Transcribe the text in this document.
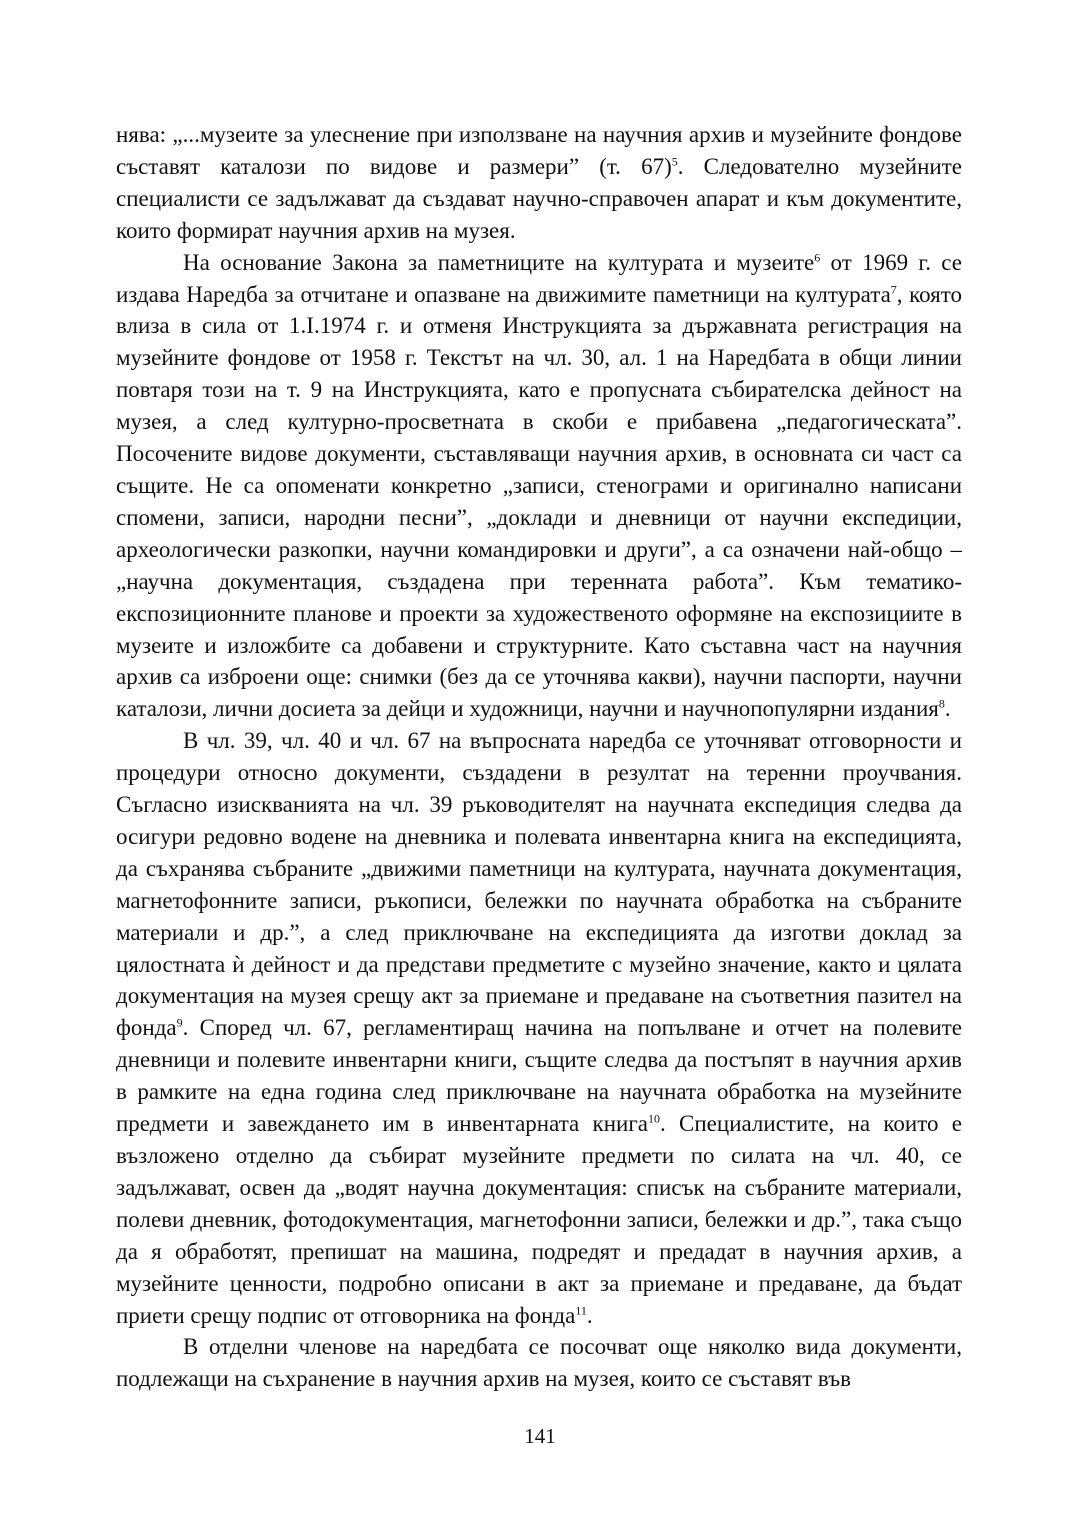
нява: „...музеите за улеснение при използване на научния архив и музейните фондове съставят каталози по видове и размери” (т. 67)$^5$. Следователно музейните специалисти се задължават да създават научно-справочен апарат и към документите, които формират научния архив на музея.

На основание Закона за паметниците на културата и музеите$^6$ от 1969 г. се издава Наредба за отчитане и опазване на движимите паметници на културата$^7$, която влиза в сила от 1.I.1974 г. и отменя Инструкцията за държавната регистрация на музейните фондове от 1958 г. Текстът на чл. 30, ал. 1 на Наредбата в общи линии повтаря този на т. 9 на Инструкцията, като е пропусната събирателска дейност на музея, а след културно-просветната в скоби е прибавена „педагогическата”. Посочените видове документи, съставляващи научния архив, в основната си част са същите. Не са опоменати конкретно „записи, стенограми и оригинално написани спомени, записи, народни песни”, „доклади и дневници от научни експедиции, археологически разкопки, научни командировки и други”, а са означени най-общо – „научна документация, създадена при теренната работа”. Към тематико-експозиционните планове и проекти за художественото оформяне на експозициите в музеите и изложбите са добавени и структурните. Като съставна част на научния архив са изброени още: снимки (без да се уточнява какви), научни паспорти, научни каталози, лични досиета за дейци и художници, научни и научнопопулярни издания$^8$.

В чл. 39, чл. 40 и чл. 67 на въпросната наредба се уточняват отговорности и процедури относно документи, създадени в резултат на теренни проучвания. Съгласно изискванията на чл. 39 ръководителят на научната експедиция следва да осигури редовно водене на дневника и полевата инвентарна книга на експедицията, да съхранява събраните „движими паметници на културата, научната документация, магнетофонните записи, ръкописи, бележки по научната обработка на събраните материали и др.”, а след приключване на експедицията да изготви доклад за цялостната ѝ дейност и да представи предметите с музейно значение, както и цялата документация на музея срещу акт за приемане и предаване на съответния пазител на фонда$^9$. Според чл. 67, регламентиращ начина на попълване и отчет на полевите дневници и полевите инвентарни книги, същите следва да постъпят в научния архив в рамките на една година след приключване на научната обработка на музейните предмети и завеждането им в инвентарната книга$^{10}$. Специалистите, на които е възложено отделно да събират музейните предмети по силата на чл. 40, се задължават, освен да „водят научна документация: списък на събраните материали, полеви дневник, фотодокументация, магнетофонни записи, бележки и др.”, така също да я обработят, препишат на машина, подредят и предадат в научния архив, а музейните ценности, подробно описани в акт за приемане и предаване, да бъдат приети срещу подпис от отговорника на фонда$^{11}$.

В отделни членове на наредбата се посочват още няколко вида документи, подлежащи на съхранение в научния архив на музея, които се съставят във

141
